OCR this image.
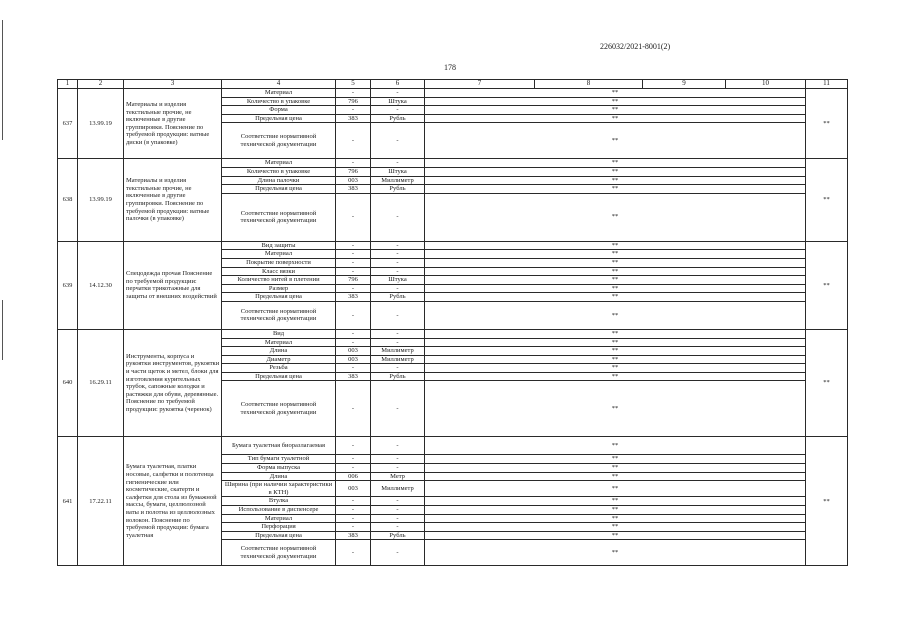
226032/2021-8001(2)
178
1	2	3	4	5	6	7	8	9	10	11
637	13.99.19	Материалы и изделия текстильные прочие, не включенные в другие группировки. Пояснение по требуемой продукции: ватные диски (в упаковке)	Материал	-	-	**				**
			Количество в упаковке	796	Штука	**				
			Форма	-	-	**				
			Предельная цена	383	Рубль	**				
			Соответствие нормативной технической документации	-	-	**				
638	13.99.19	Материалы и изделия текстильные прочие, не включенные в другие группировки. Пояснение по требуемой продукции: ватные палочки (в упаковке)	Материал	-	-	**				**
			Количество в упаковке	796	Штука	**				
			Длина палочки	003	Миллиметр	**				
			Предельная цена	383	Рубль	**				
			Соответствие нормативной технической документации	-	-	**				
639	14.12.30	Спецодежда прочая Пояснение по требуемой продукции: перчатки трикотажные для защиты от внешних воздействий	Вид защиты	-	-	**				**
			Материал	-	-	**				
			Покрытие поверхности	-	-	**				
			Класс вязки	-	-	**				
			Количество нитей в плетении	796	Штука	**				
			Размер	-	-	**				
			Предельная цена	383	Рубль	**				
			Соответствие нормативной технической документации	-	-	**				
640	16.29.11	Инструменты, корпуса и рукоятки инструментов, рукоятки и части щеток и метел, блоки для изготовления курительных трубок, сапожные колодки и растяжки для обуви, деревянные. Пояснение по требуемой продукции: рукоятка (черенок)	Вид	-	-	**				**
			Материал	-	-	**				
			Длина	003	Миллиметр	**				
			Диаметр	003	Миллиметр	**				
			Резьба	-	-	**				
			Предельная цена	383	Рубль	**				
			Соответствие нормативной технической документации	-	-	**				
641	17.22.11	Бумага туалетная, платки носовые, салфетки и полотенца гигиенические или косметические, скатерти и салфетки для стола из бумажной массы, бумаги, целлюлозной ваты и полотна из целлюлозных волокон. Пояснение по требуемой продукции: бумага туалетная	Бумага туалетная биоразлагаемая	-	-	**				**
			Тип бумаги туалетной	-	-	**				
			Форма выпуска	-	-	**				
			Длина	006	Метр	**				
			Ширина (при наличии характеристики в КТН)	003	Миллиметр	**				
			Втулка	-	-	**				
			Использование в диспенсере	-	-	**				
			Материал	-	-	**				
			Перфорация	-	-	**				
			Предельная цена	383	Рубль	**				
			Соответствие нормативной технической документации	-	-	**				
